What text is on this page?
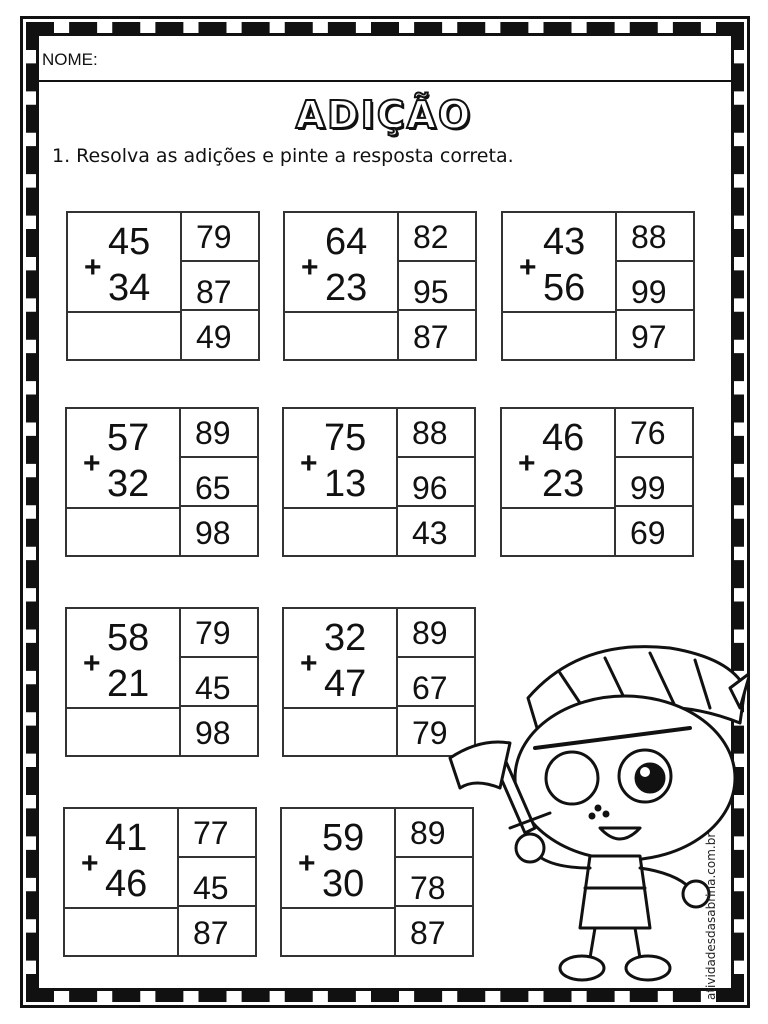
NOME:
ADIÇÃO
1. Resolva as adições e pinte a resposta correta.
+
45
34
79
87
49
+
64
23
82
95
87
+
43
56
88
99
97
+
57
32
89
65
98
+
75
13
88
96
43
+
46
23
76
99
69
+
58
21
79
45
98
+
32
47
89
67
79
+
41
46
77
45
87
+
59
30
89
78
87	atividadesdasabrina.com.br
